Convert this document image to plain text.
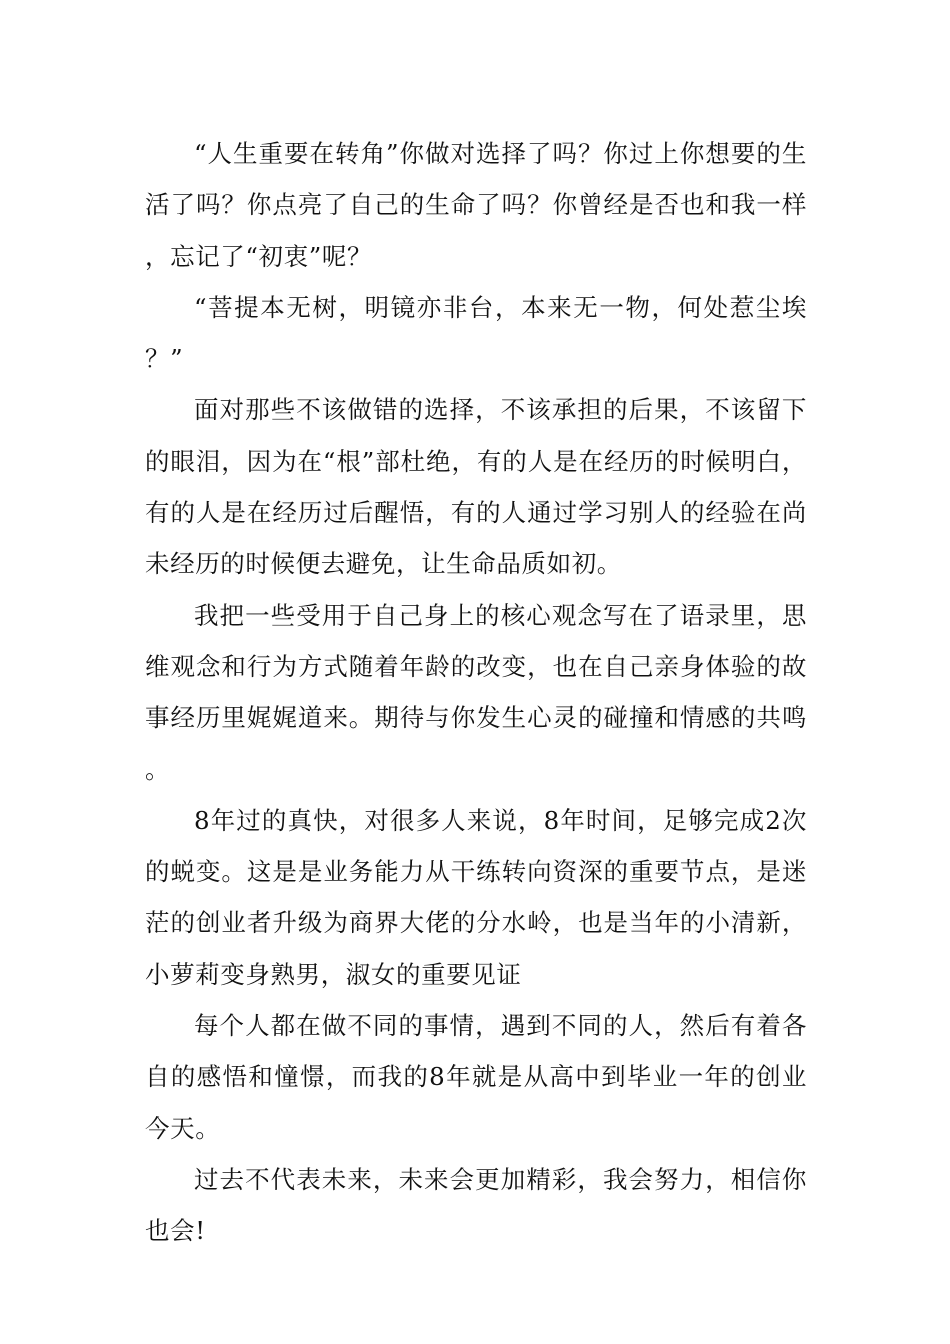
“人生重要在转角”你做对选择了吗？你过上你想要的生活了吗？你点亮了自己的生命了吗？你曾经是否也和我一样，忘记了“初衷”呢？

“菩提本无树，明镜亦非台，本来无一物，何处惹尘埃？”

面对那些不该做错的选择，不该承担的后果，不该留下的眼泪，因为在“根”部杜绝，有的人是在经历的时候明白，有的人是在经历过后醒悟，有的人通过学习别人的经验在尚未经历的时候便去避免，让生命品质如初。

我把一些受用于自己身上的核心观念写在了语录里，思维观念和行为方式随着年龄的改变，也在自己亲身体验的故事经历里娓娓道来。期待与你发生心灵的碰撞和情感的共鸣。

8年过的真快，对很多人来说，8年时间，足够完成2次的蜕变。这是是业务能力从干练转向资深的重要节点，是迷茫的创业者升级为商界大佬的分水岭，也是当年的小清新，小萝莉变身熟男，淑女的重要见证

每个人都在做不同的事情，遇到不同的人，然后有着各自的感悟和憧憬，而我的8年就是从高中到毕业一年的创业今天。

过去不代表未来，未来会更加精彩，我会努力，相信你也会!
